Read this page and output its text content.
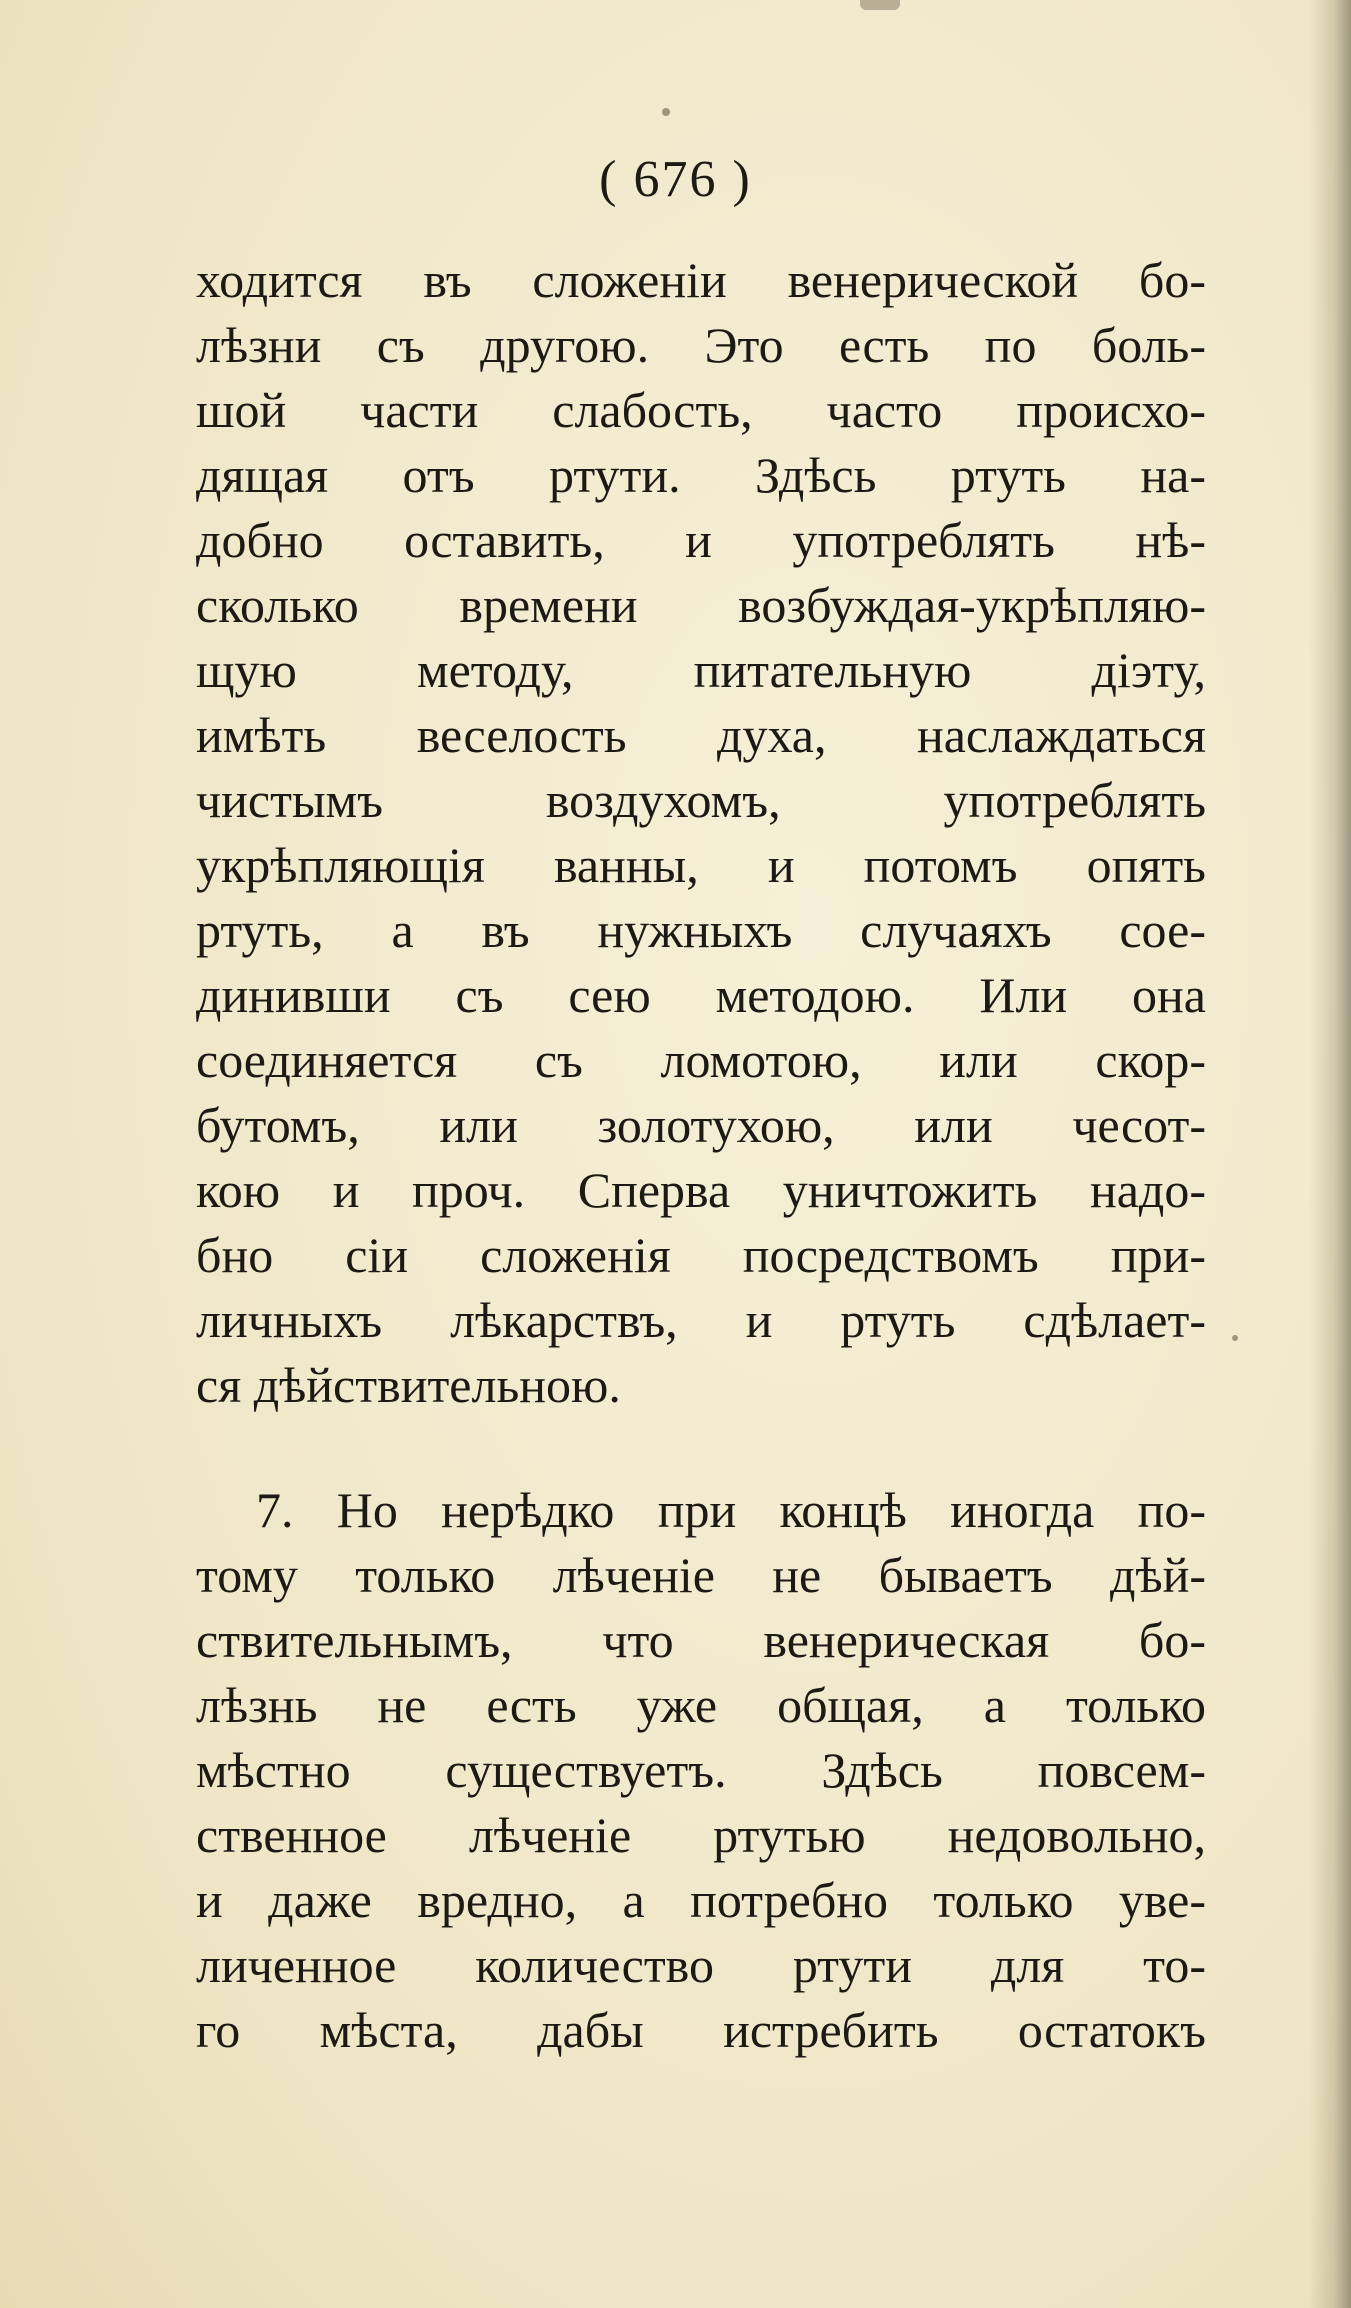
( 676 )
ходится въ сложенiи венерической бо-
лѣзни съ другою. Это есть по боль-
шой части слабость, часто происхо-
дящая отъ ртути. Здѣсь ртуть на-
добно оставить, и употреблять нѣ-
сколько времени возбуждая-укрѣпляю-
щую методу, питательную дiэту,
имѣть веселость духа, наслаждаться
чистымъ воздухомъ, употреблять
укрѣпляющiя ванны, и потомъ опять
ртуть, а въ нужныхъ случаяхъ сое-
динивши съ сею методою. Или она
соединяется съ ломотою, или скор-
бутомъ, или золотухою, или чесот-
кою и проч. Сперва уничтожить надо-
бно сiи сложенiя посредствомъ при-
личныхъ лѣкарствъ, и ртуть сдѣлает-
ся дѣйствительною.
7. Но нерѣдко при концѣ иногда по-
тому только лѣченiе не бываетъ дѣй-
ствительнымъ, что венерическая бо-
лѣзнь не есть уже общая, а только
мѣстно существуетъ. Здѣсь повсем-
ственное лѣченiе ртутью недовольно,
и даже вредно, а потребно только уве-
личенное количество ртути для то-
го мѣста, дабы истребить остатокъ
